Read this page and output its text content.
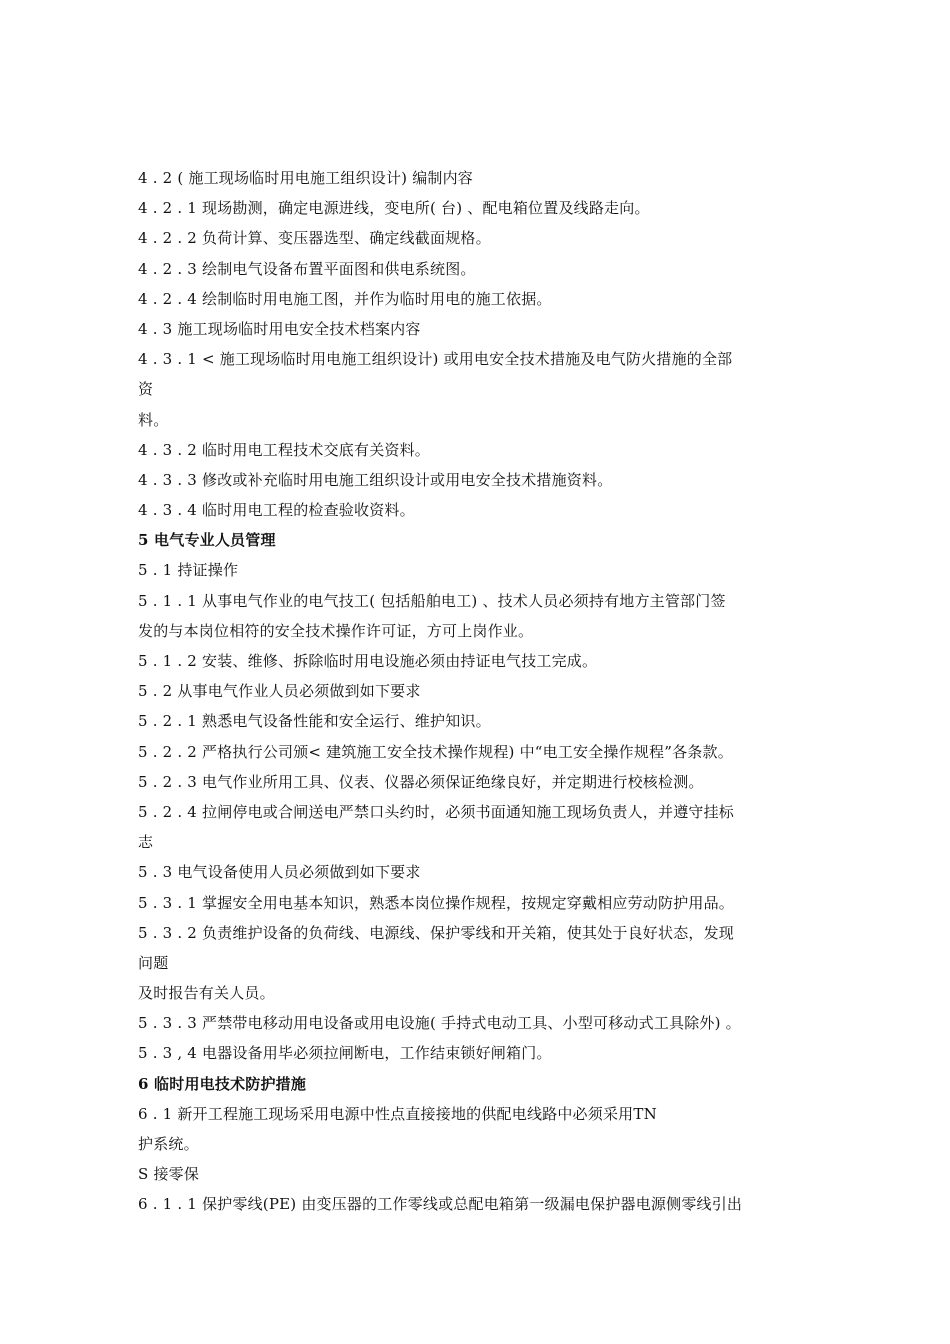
4 . 2 ( 施工现场临时用电施工组织设计) 编制内容
4 . 2 . 1 现场勘测，确定电源进线，变电所( 台) 、配电箱位置及线路走向。
4 . 2 . 2 负荷计算、变压器选型、确定线截面规格。
4 . 2 . 3 绘制电气设备布置平面图和供电系统图。
4 . 2 . 4 绘制临时用电施工图，并作为临时用电的施工依据。
4 . 3 施工现场临时用电安全技术档案内容
4 . 3 . 1 < 施工现场临时用电施工组织设计) 或用电安全技术措施及电气防火措施的全部
资
料。
4 . 3 . 2 临时用电工程技术交底有关资料。
4 . 3 . 3 修改或补充临时用电施工组织设计或用电安全技术措施资料。
4 . 3 . 4 临时用电工程的检查验收资料。
5 电气专业人员管理
5 . 1 持证操作
5 . 1 . 1 从事电气作业的电气技工( 包括船舶电工) 、技术人员必须持有地方主管部门签
发的与本岗位相符的安全技术操作许可证，方可上岗作业。
5 . 1 . 2 安装、维修、拆除临时用电设施必须由持证电气技工完成。
5 . 2 从事电气作业人员必须做到如下要求
5 . 2 . 1 熟悉电气设备性能和安全运行、维护知识。
5 . 2 . 2 严格执行公司颁< 建筑施工安全技术操作规程) 中“电工安全操作规程”各条款。
5 . 2 . 3 电气作业所用工具、仪表、仪器必须保证绝缘良好，并定期进行校核检测。
5 . 2 . 4 拉闸停电或合闸送电严禁口头约时，必须书面通知施工现场负责人，并遵守挂标
志
5 . 3 电气设备使用人员必须做到如下要求
5 . 3 . 1 掌握安全用电基本知识，熟悉本岗位操作规程，按规定穿戴相应劳动防护用品。
5 . 3 . 2 负责维护设备的负荷线、电源线、保护零线和开关箱，使其处于良好状态，发现
问题
及时报告有关人员。
5 . 3 . 3 严禁带电移动用电设备或用电设施( 手持式电动工具、小型可移动式工具除外) 。
5 . 3 , 4 电器设备用毕必须拉闸断电，工作结束锁好闸箱门。
6 临时用电技术防护措施
6 . 1 新开工程施工现场采用电源中性点直接接地的供配电线路中必须采用TN
护系统。
S 接零保
6 . 1 . 1 保护零线(PE) 由变压器的工作零线或总配电箱第一级漏电保护器电源侧零线引出
